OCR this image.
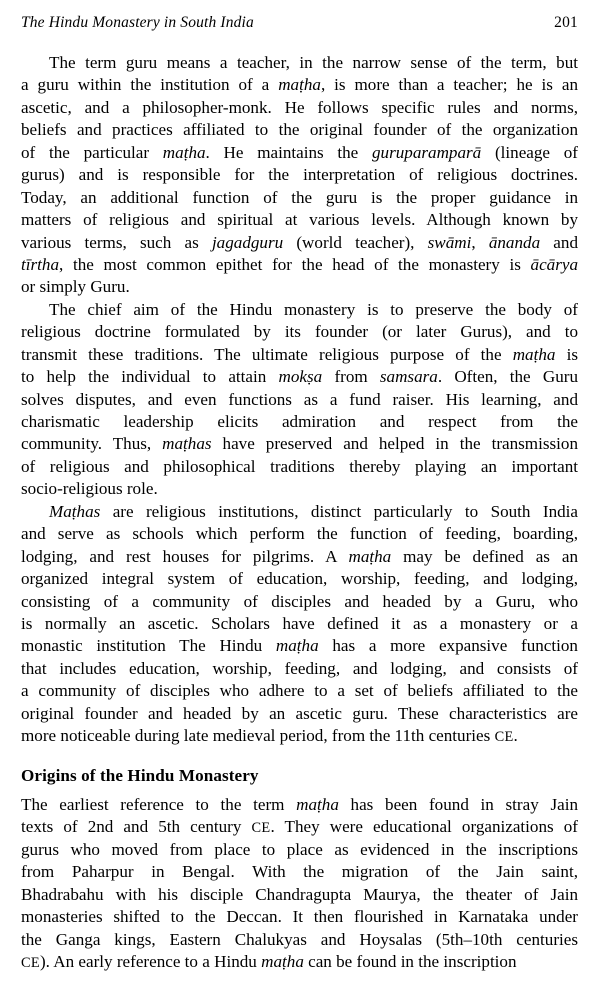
The Hindu Monastery in South India	201

The term guru means a teacher, in the narrow sense of the term, but
a guru within the institution of a maṭha, is more than a teacher; he is an
ascetic, and a philosopher-monk. He follows specific rules and norms,
beliefs and practices affiliated to the original founder of the organization
of the particular maṭha. He maintains the guruparamparā (lineage of
gurus) and is responsible for the interpretation of religious doctrines.
Today, an additional function of the guru is the proper guidance in
matters of religious and spiritual at various levels. Although known by
various terms, such as jagadguru (world teacher), swāmi, ānanda and
tīrtha, the most common epithet for the head of the monastery is ācārya
or simply Guru.

The chief aim of the Hindu monastery is to preserve the body of
religious doctrine formulated by its founder (or later Gurus), and to
transmit these traditions. The ultimate religious purpose of the maṭha is
to help the individual to attain mokṣa from samsara. Often, the Guru
solves disputes, and even functions as a fund raiser. His learning, and
charismatic leadership elicits admiration and respect from the
community. Thus, maṭhas have preserved and helped in the transmission
of religious and philosophical traditions thereby playing an important
socio-religious role.

Maṭhas are religious institutions, distinct particularly to South India
and serve as schools which perform the function of feeding, boarding,
lodging, and rest houses for pilgrims. A maṭha may be defined as an
organized integral system of education, worship, feeding, and lodging,
consisting of a community of disciples and headed by a Guru, who
is normally an ascetic. Scholars have defined it as a monastery or a
monastic institution The Hindu maṭha has a more expansive function
that includes education, worship, feeding, and lodging, and consists of
a community of disciples who adhere to a set of beliefs affiliated to the
original founder and headed by an ascetic guru. These characteristics are
more noticeable during late medieval period, from the 11th centuries CE.

Origins of the Hindu Monastery

The earliest reference to the term maṭha has been found in stray Jain
texts of 2nd and 5th century CE. They were educational organizations of
gurus who moved from place to place as evidenced in the inscriptions
from Paharpur in Bengal. With the migration of the Jain saint,
Bhadrabahu with his disciple Chandragupta Maurya, the theater of Jain
monasteries shifted to the Deccan. It then flourished in Karnataka under
the Ganga kings, Eastern Chalukyas and Hoysalas (5th–10th centuries
CE). An early reference to a Hindu maṭha can be found in the inscription
